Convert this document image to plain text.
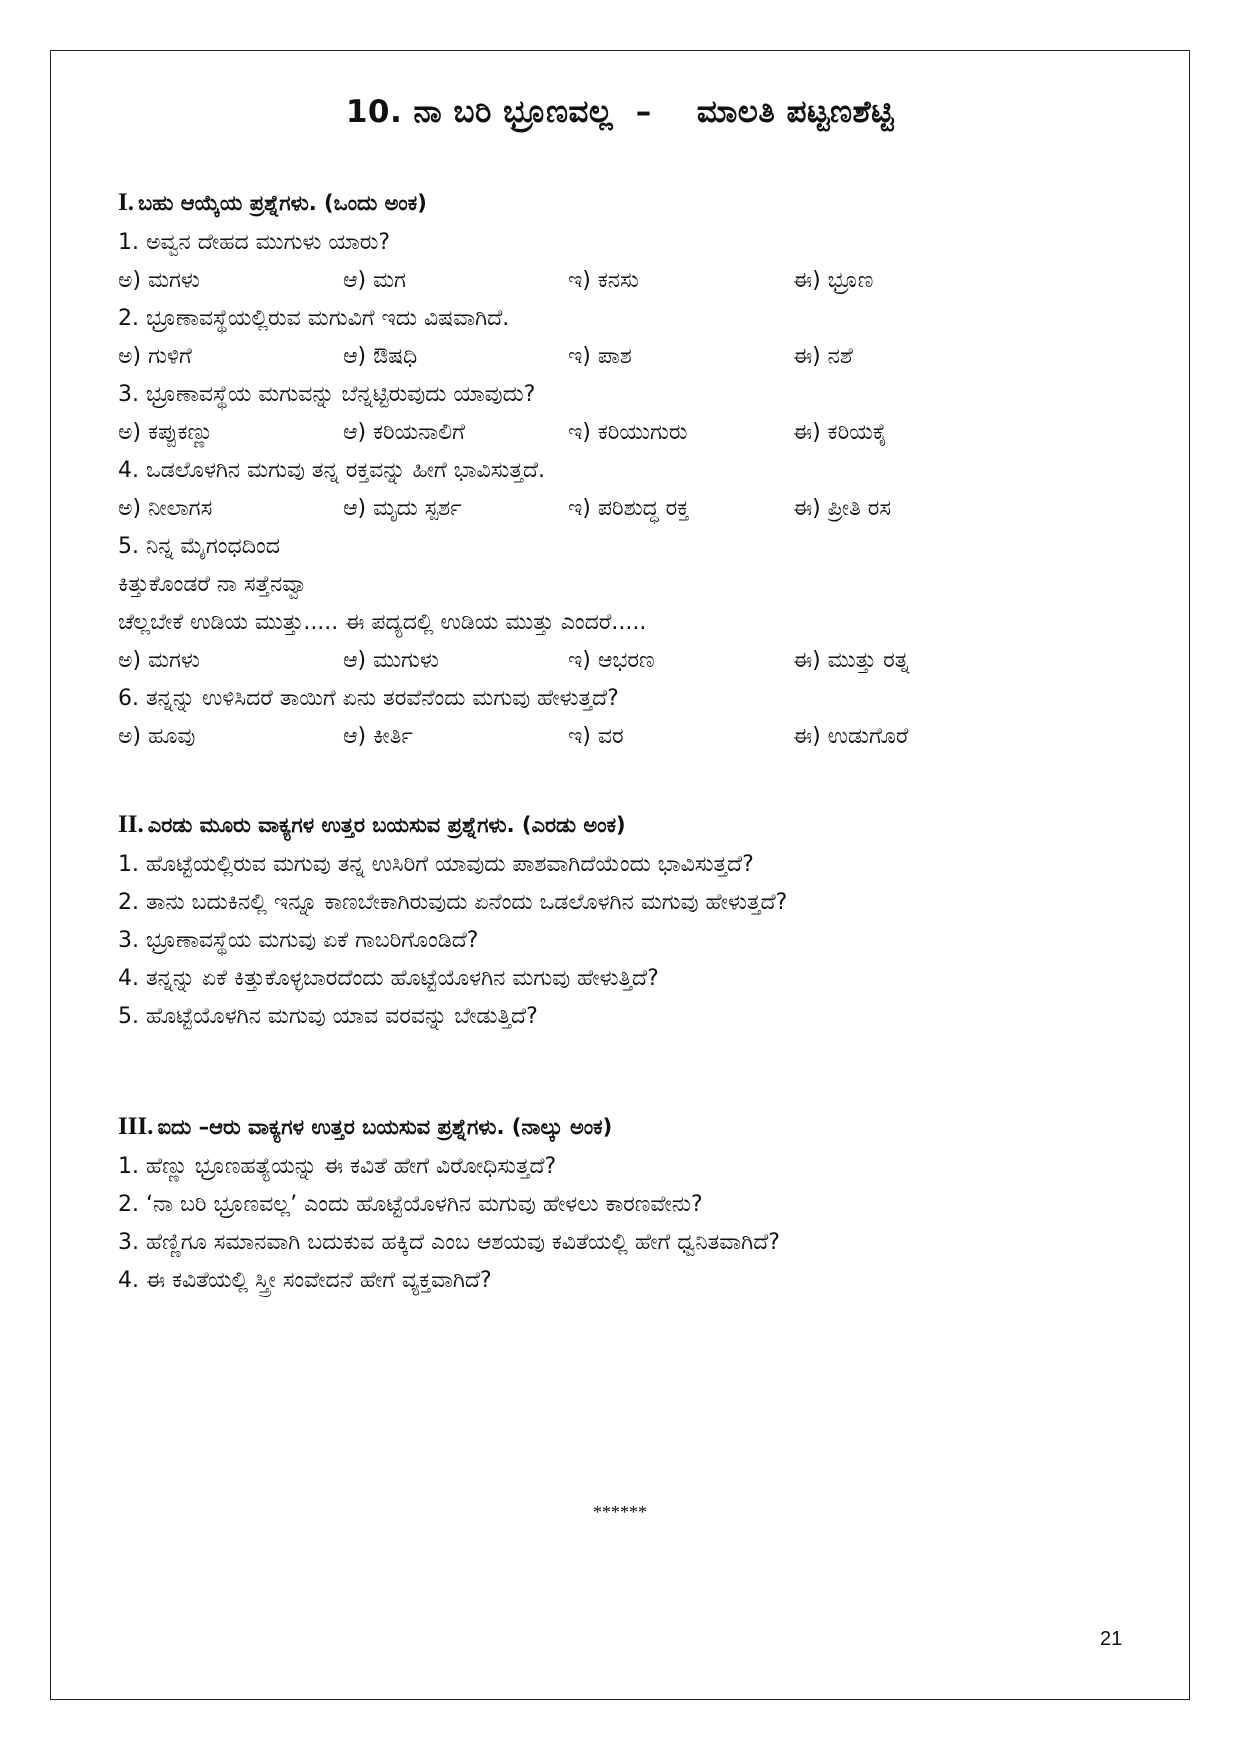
10. ನಾ ಬರಿ ಭ್ರೂಣವಲ್ಲ  –    ಮಾಲತಿ ಪಟ್ಟಣಶೆಟ್ಟಿ
I. ಬಹು ಆಯ್ಕೆಯ ಪ್ರಶ್ನೆಗಳು. (ಒಂದು ಅಂಕ)
1. ಅವ್ವನ ದೇಹದ ಮುಗುಳು ಯಾರು?
ಅ) ಮಗಳು	ಆ) ಮಗ	ಇ) ಕನಸು	ಈ) ಭ್ರೂಣ
2. ಭ್ರೂಣಾವಸ್ಥೆಯಲ್ಲಿರುವ ಮಗುವಿಗೆ ಇದು ವಿಷವಾಗಿದೆ.
ಅ) ಗುಳಿಗೆ	ಆ) ಔಷಧಿ	ಇ) ಪಾಶ	ಈ) ನಶೆ
3. ಭ್ರೂಣಾವಸ್ಥೆಯ ಮಗುವನ್ನು ಬೆನ್ನಟ್ಟಿರುವುದು ಯಾವುದು?
ಅ) ಕಪ್ಪುಕಣ್ಣು	ಆ) ಕರಿಯನಾಲಿಗೆ	ಇ) ಕರಿಯುಗುರು	ಈ) ಕರಿಯಕೈ
4. ಒಡಲೊಳಗಿನ ಮಗುವು ತನ್ನ ರಕ್ತವನ್ನು ಹೀಗೆ ಭಾವಿಸುತ್ತದೆ.
ಅ) ನೀಲಾಗಸ	ಆ) ಮೃದು ಸ್ಪರ್ಶ	ಇ) ಪರಿಶುದ್ಧ ರಕ್ತ	ಈ) ಪ್ರೀತಿ ರಸ
5. ನಿನ್ನ ಮೈಗಂಧದಿಂದ
ಕಿತ್ತುಕೊಂಡರೆ ನಾ ಸತ್ತೆನವ್ವಾ
ಚೆಲ್ಲಬೇಕೆ ಉಡಿಯ ಮುತ್ತು..... ಈ ಪದ್ಯದಲ್ಲಿ ಉಡಿಯ ಮುತ್ತು ಎಂದರೆ.....
ಅ) ಮಗಳು	ಆ) ಮುಗುಳು	ಇ) ಆಭರಣ	ಈ) ಮುತ್ತು ರತ್ನ
6. ತನ್ನನ್ನು ಉಳಿಸಿದರೆ ತಾಯಿಗೆ ಏನು ತರವೆನೆಂದು ಮಗುವು ಹೇಳುತ್ತದೆ?
ಅ) ಹೂವು	ಆ) ಕೀರ್ತಿ	ಇ) ವರ	ಈ) ಉಡುಗೊರೆ
II. ಎರಡು ಮೂರು ವಾಕ್ಯಗಳ ಉತ್ತರ ಬಯಸುವ ಪ್ರಶ್ನೆಗಳು. (ಎರಡು ಅಂಕ)
1. ಹೊಟ್ಟೆಯಲ್ಲಿರುವ ಮಗುವು ತನ್ನ ಉಸಿರಿಗೆ ಯಾವುದು ಪಾಶವಾಗಿದೆಯೆಂದು ಭಾವಿಸುತ್ತದೆ?
2. ತಾನು ಬದುಕಿನಲ್ಲಿ ಇನ್ನೂ ಕಾಣಬೇಕಾಗಿರುವುದು ಏನೆಂದು ಒಡಲೊಳಗಿನ ಮಗುವು ಹೇಳುತ್ತದೆ?
3. ಭ್ರೂಣಾವಸ್ಥೆಯ ಮಗುವು ಏಕೆ ಗಾಬರಿಗೊಂಡಿದೆ?
4. ತನ್ನನ್ನು ಏಕೆ ಕಿತ್ತುಕೊಳ್ಳಬಾರದೆಂದು ಹೊಟ್ಟೆಯೊಳಗಿನ ಮಗುವು ಹೇಳುತ್ತಿದೆ?
5. ಹೊಟ್ಟೆಯೊಳಗಿನ ಮಗುವು ಯಾವ ವರವನ್ನು ಬೇಡುತ್ತಿದೆ?
III. ಐದು –ಆರು ವಾಕ್ಯಗಳ ಉತ್ತರ ಬಯಸುವ ಪ್ರಶ್ನೆಗಳು. (ನಾಲ್ಕು ಅಂಕ)
1. ಹೆಣ್ಣು ಭ್ರೂಣಹತ್ಯೆಯನ್ನು ಈ ಕವಿತೆ ಹೇಗೆ ವಿರೋಧಿಸುತ್ತದೆ?
2. ‘ನಾ ಬರಿ ಭ್ರೂಣವಲ್ಲ’ ಎಂದು ಹೊಟ್ಟೆಯೊಳಗಿನ ಮಗುವು ಹೇಳಲು ಕಾರಣವೇನು?
3. ಹೆಣ್ಣಿಗೂ ಸಮಾನವಾಗಿ ಬದುಕುವ ಹಕ್ಕಿದೆ ಎಂಬ ಆಶಯವು ಕವಿತೆಯಲ್ಲಿ ಹೇಗೆ ಧ್ವನಿತವಾಗಿದೆ?
4. ಈ ಕವಿತೆಯಲ್ಲಿ ಸ್ತ್ರೀ ಸಂವೇದನೆ ಹೇಗೆ ವ್ಯಕ್ತವಾಗಿದೆ?
******
21
